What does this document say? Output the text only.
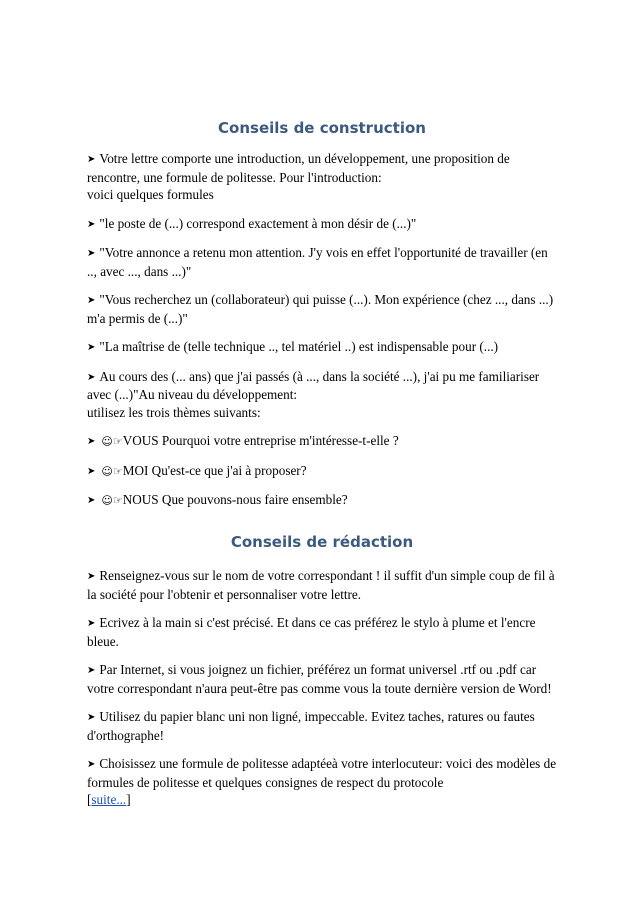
Conseils de construction

➤ Votre lettre comporte une introduction, un développement, une proposition de rencontre, une formule de politesse. Pour l'introduction:
voici quelques formules

➤ "le poste de (...) correspond exactement à mon désir de (...)"

➤ "Votre annonce a retenu mon attention. J'y vois en effet l'opportunité de travailler (en .., avec ..., dans ...)"

➤ "Vous recherchez un (collaborateur) qui puisse (...). Mon expérience (chez ..., dans ...) m'a permis de (...)"

➤ "La maîtrise de (telle technique .., tel matériel ..) est indispensable pour (...)

➤ Au cours des (... ans) que j'ai passés (à ..., dans la société ...), j'ai pu me familiariser avec (...)"Au niveau du développement:
utilisez les trois thèmes suivants:

➤ ☺☞VOUS Pourquoi votre entreprise m'intéresse-t-elle ?

➤ ☺☞MOI Qu'est-ce que j'ai à proposer?

➤ ☺☞NOUS Que pouvons-nous faire ensemble?

Conseils de rédaction

➤ Renseignez-vous sur le nom de votre correspondant ! il suffit d'un simple coup de fil à la société pour l'obtenir et personnaliser votre lettre.

➤ Ecrivez à la main si c'est précisé. Et dans ce cas préférez le stylo à plume et l'encre bleue.

➤ Par Internet, si vous joignez un fichier, préférez un format universel .rtf ou .pdf car votre correspondant n'aura peut-être pas comme vous la toute dernière version de Word!

➤ Utilisez du papier blanc uni non ligné, impeccable. Evitez taches, ratures ou fautes d'orthographe!

➤ Choisissez une formule de politesse adaptéeà votre interlocuteur: voici des modèles de formules de politesse et quelques consignes de respect du protocole
[suite...]
